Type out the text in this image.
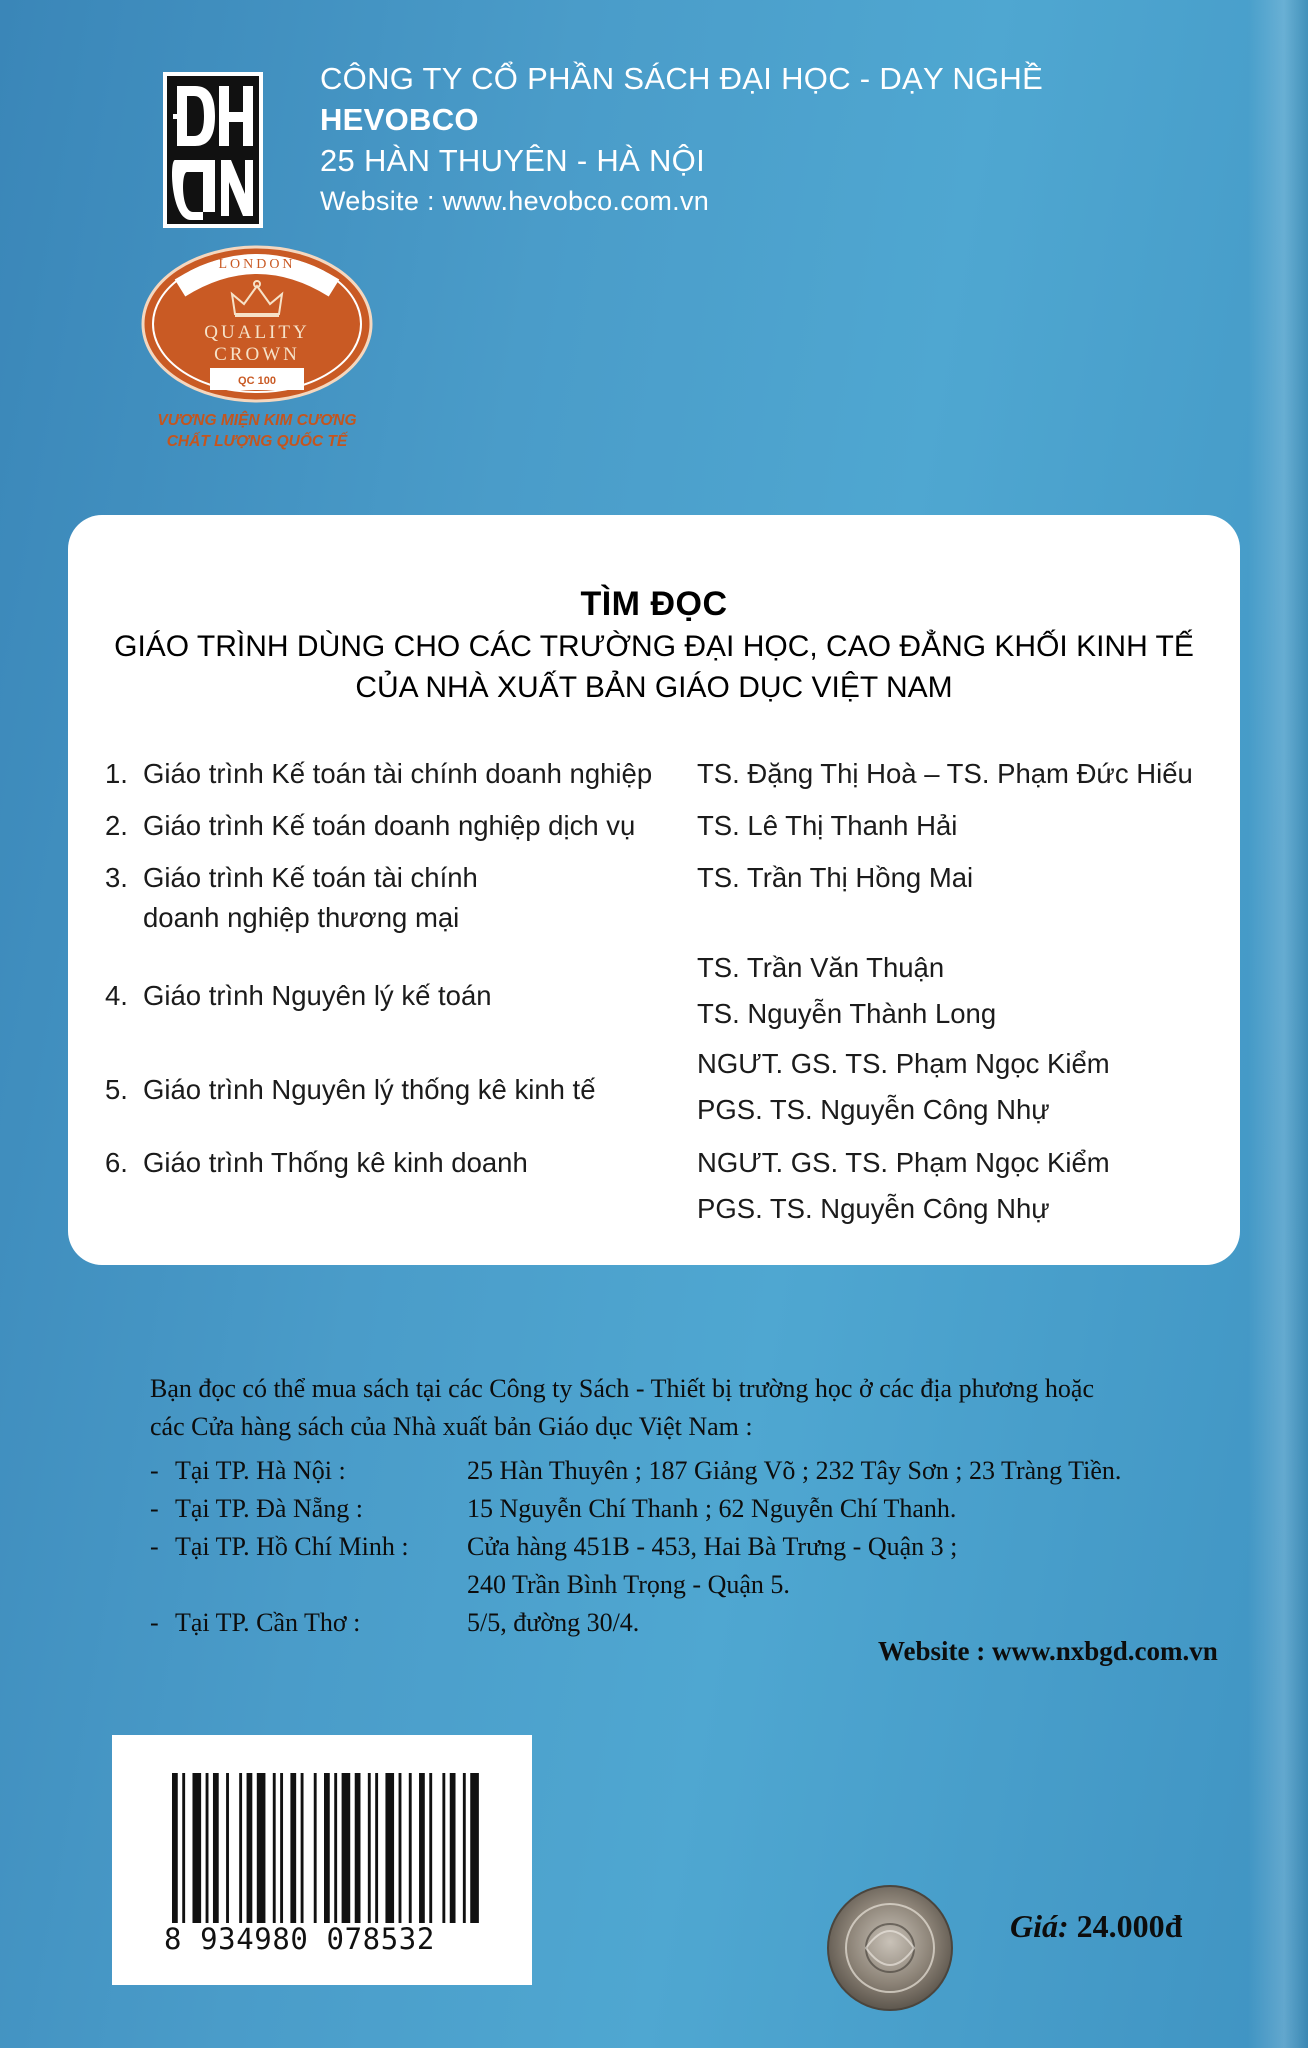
CÔNG TY CỔ PHẦN SÁCH ĐẠI HỌC - DẠY NGHỀ
HEVOBCO
25 HÀN THUYÊN - HÀ NỘI
Website : www.hevobco.com.vn
LONDON
QUALITY
CROWN
QC 100
VƯƠNG MIỆN KIM CƯƠNG
CHẤT LƯỢNG QUỐC TẾ
TÌM ĐỌC
GIÁO TRÌNH DÙNG CHO CÁC TRƯỜNG ĐẠI HỌC, CAO ĐẲNG KHỐI KINH TẾ
CỦA NHÀ XUẤT BẢN GIÁO DỤC VIỆT NAM
1. Giáo trình Kế toán tài chính doanh nghiệp TS. Đặng Thị Hoà – TS. Phạm Đức Hiếu
2. Giáo trình Kế toán doanh nghiệp dịch vụ TS. Lê Thị Thanh Hải
3. Giáo trình Kế toán tài chính
doanh nghiệp thương mại
TS. Trần Thị Hồng Mai
4. Giáo trình Nguyên lý kế toán
TS. Trần Văn Thuận
TS. Nguyễn Thành Long
5. Giáo trình Nguyên lý thống kê kinh tế
NGƯT. GS. TS. Phạm Ngọc Kiểm
PGS. TS. Nguyễn Công Nhự
6. Giáo trình Thống kê kinh doanh	NGƯT. GS. TS. Phạm Ngọc Kiểm
PGS. TS. Nguyễn Công Nhự
Bạn đọc có thể mua sách tại các Công ty Sách - Thiết bị trường học ở các địa phương hoặc
các Cửa hàng sách của Nhà xuất bản Giáo dục Việt Nam :
- Tại TP. Hà Nội :	25 Hàn Thuyên ; 187 Giảng Võ ; 232 Tây Sơn ; 23 Tràng Tiền.
- Tại TP. Đà Nẵng :	15 Nguyễn Chí Thanh ; 62 Nguyễn Chí Thanh.
- Tại TP. Hồ Chí Minh : Cửa hàng 451B - 453, Hai Bà Trưng - Quận 3 ;
240 Trần Bình Trọng - Quận 5.
- Tại TP. Cần Thơ :	5/5, đường 30/4.
Website : www.nxbgd.com.vn
8 934980 078532	Giá: 24.000đ
